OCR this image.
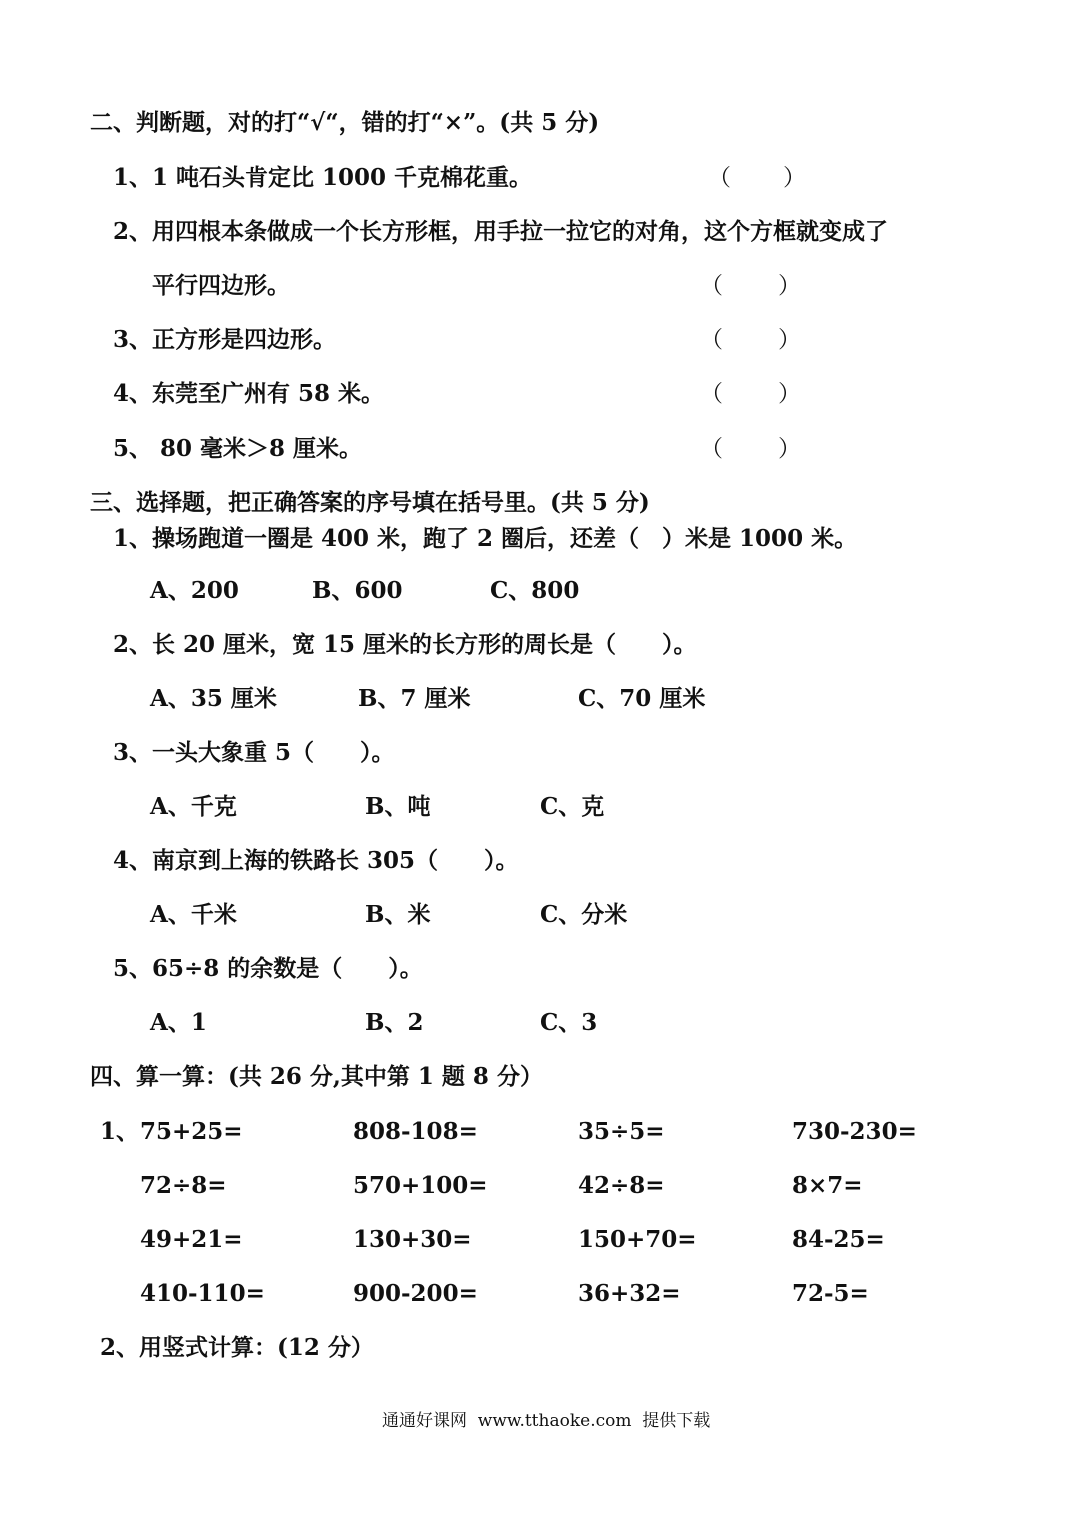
二、判断题，对的打“√“，错的打“×”。(共 5 分)
1、1 吨石头肯定比 1000 千克棉花重。	（ ）
2、用四根本条做成一个长方形框，用手拉一拉它的对角，这个方框就变成了
平行四边形。	（ ）
3、正方形是四边形。	（ ）
4、东莞至广州有 58 米。	（ ）
5、 80 毫米＞8 厘米。	（ ）
三、选择题，把正确答案的序号填在括号里。(共 5 分)
1、操场跑道一圈是 400 米，跑了 2 圈后，还差（　）米是 1000 米。
A、200	B、600	C、800
2、长 20 厘米，宽 15 厘米的长方形的周长是（　　）。
A、35 厘米	B、7 厘米	C、70 厘米
3、一头大象重 5（　　）。
A、千克	B、吨	C、克
4、南京到上海的铁路长 305（　　）。
A、千米	B、米	C、分米
5、65÷8 的余数是（　　）。
A、1	B、2	C、3
四、算一算：(共 26 分,其中第 1 题 8 分）
1、 75+25=	808-108=	35÷5=	730-230=
72÷8=	570+100=	42÷8=	8×7=
49+21=	130+30=	150+70=	84-25=
410-110=	900-200=	36+32=	72-5=
2、用竖式计算：(12 分）
通通好课网  www.tthaoke.com  提供下载
